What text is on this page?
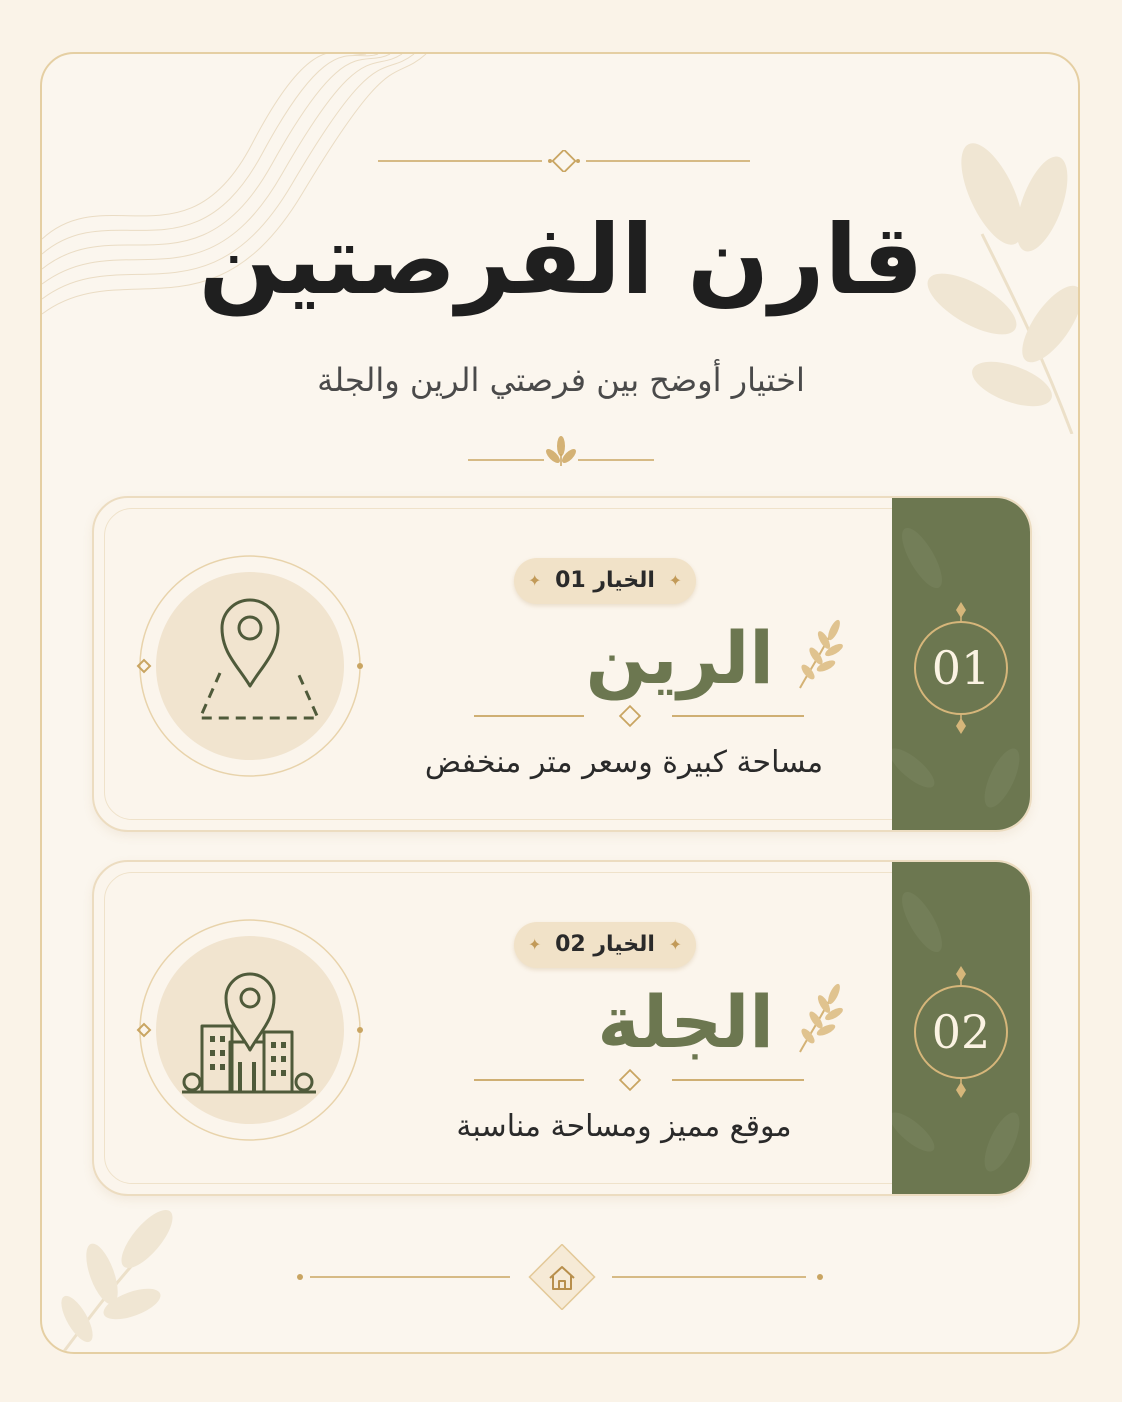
قارن الفرصتين
اختيار أوضح بين فرصتي الرين والجلة
01
✦ الخيار 01 ✦
الرين
مساحة كبيرة وسعر متر منخفض
02
✦ الخيار 02 ✦
الجلة
موقع مميز ومساحة مناسبة
